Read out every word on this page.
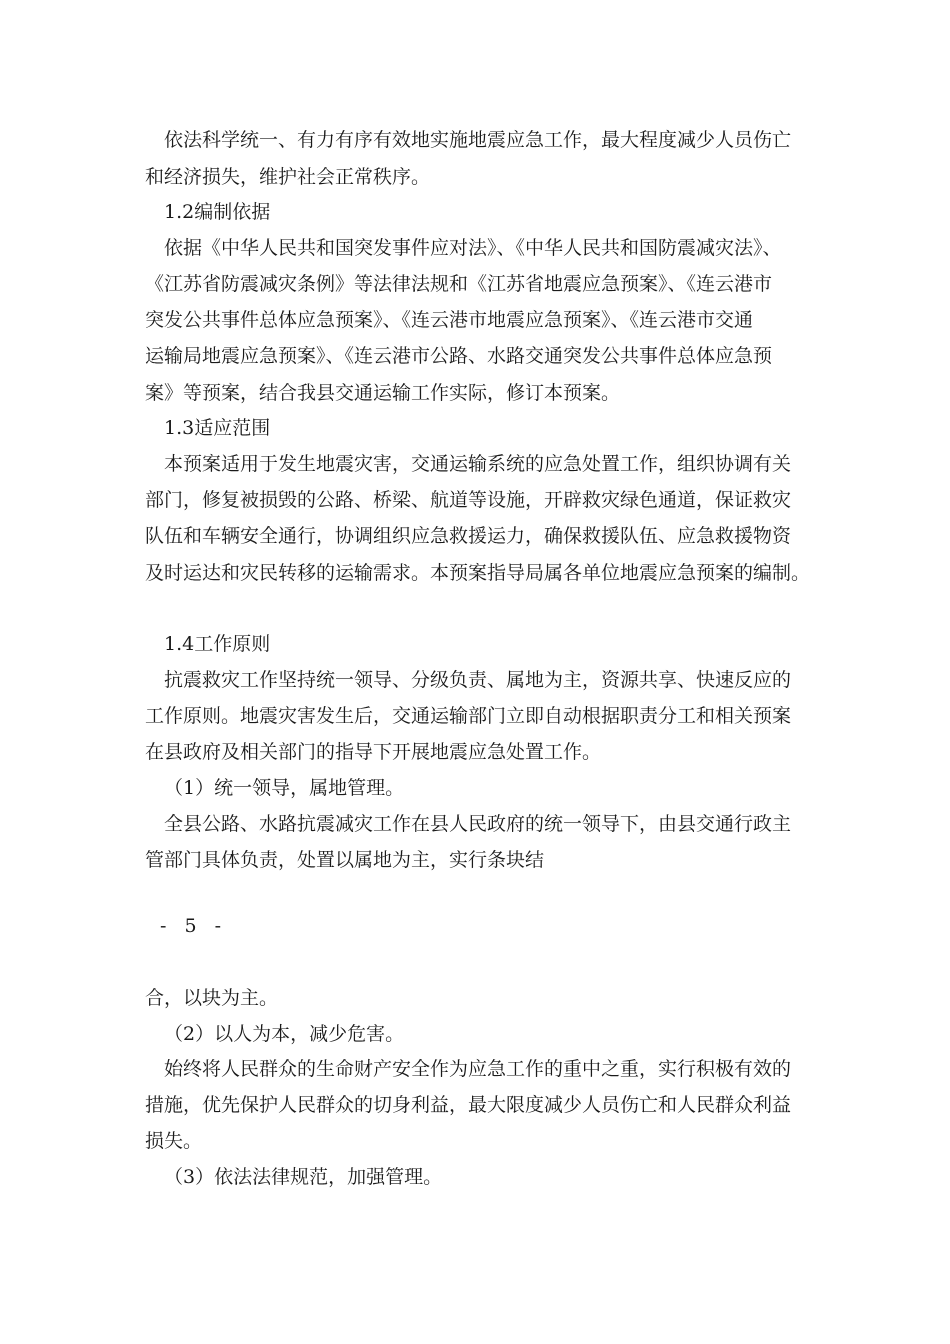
依法科学统一、有力有序有效地实施地震应急工作，最大程度减少人员伤亡
和经济损失，维护社会正常秩序。
1.2编制依据
依据《中华人民共和国突发事件应对法》、《中华人民共和国防震减灾法》、
《江苏省防震减灾条例》等法律法规和《江苏省地震应急预案》、《连云港市
突发公共事件总体应急预案》、《连云港市地震应急预案》、《连云港市交通
运输局地震应急预案》、《连云港市公路、水路交通突发公共事件总体应急预
案》等预案，结合我县交通运输工作实际，修订本预案。
1.3适应范围
本预案适用于发生地震灾害，交通运输系统的应急处置工作，组织协调有关
部门，修复被损毁的公路、桥梁、航道等设施，开辟救灾绿色通道，保证救灾
队伍和车辆安全通行，协调组织应急救援运力，确保救援队伍、应急救援物资
及时运达和灾民转移的运输需求。本预案指导局属各单位地震应急预案的编制。
1.4工作原则
抗震救灾工作坚持统一领导、分级负责、属地为主，资源共享、快速反应的
工作原则。地震灾害发生后，交通运输部门立即自动根据职责分工和相关预案
在县政府及相关部门的指导下开展地震应急处置工作。
（1）统一领导，属地管理。
全县公路、水路抗震减灾工作在县人民政府的统一领导下，由县交通行政主
管部门具体负责，处置以属地为主，实行条块结
- 5 -
合，以块为主。
（2）以人为本，减少危害。
始终将人民群众的生命财产安全作为应急工作的重中之重，实行积极有效的
措施，优先保护人民群众的切身利益，最大限度减少人员伤亡和人民群众利益
损失。
（3）依法法律规范，加强管理。
